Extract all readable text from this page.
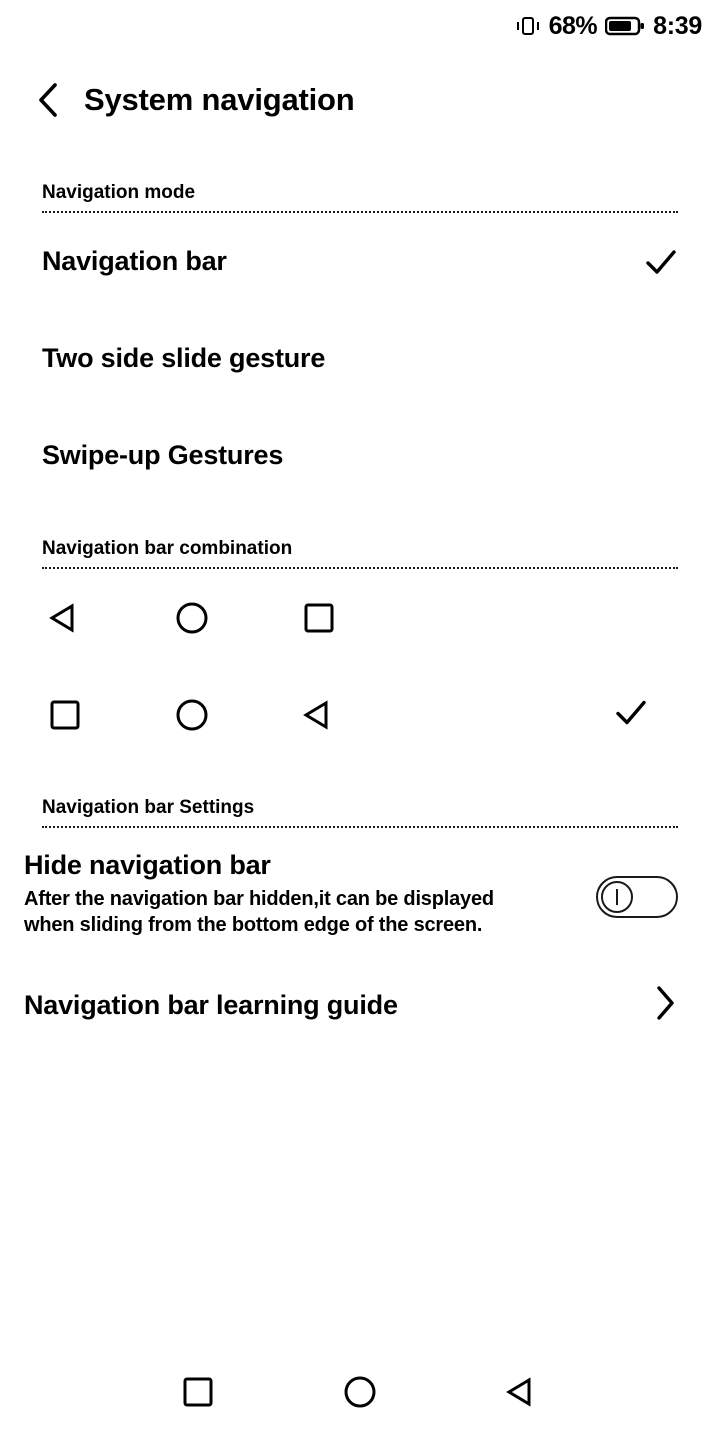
68% 8:39
System navigation
Navigation mode
Navigation bar
Two side slide gesture
Swipe-up Gestures
Navigation bar combination
Navigation bar Settings
Hide navigation bar
After the navigation bar hidden,it can be displayed when sliding from the bottom edge of the screen.
Navigation bar learning guide
